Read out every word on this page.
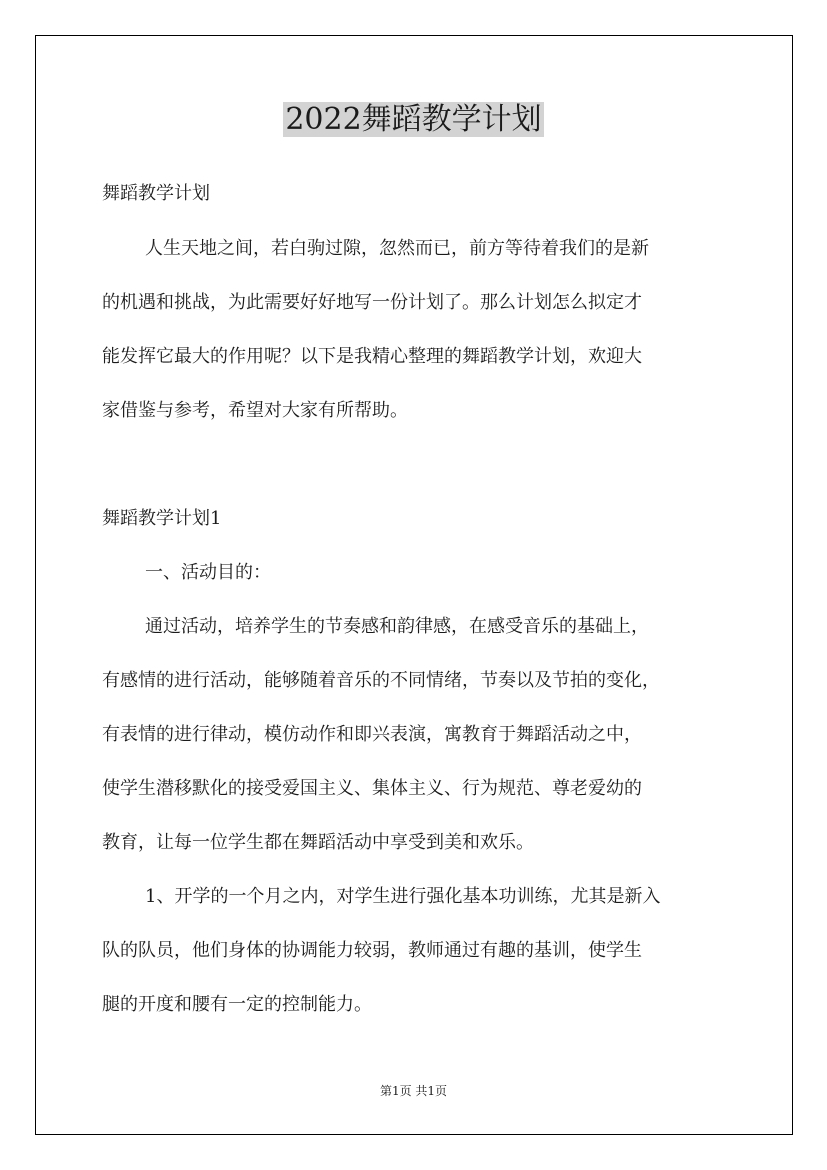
2022舞蹈教学计划
舞蹈教学计划
人生天地之间，若白驹过隙，忽然而已，前方等待着我们的是新
的机遇和挑战，为此需要好好地写一份计划了。那么计划怎么拟定才
能发挥它最大的作用呢？以下是我精心整理的舞蹈教学计划，欢迎大
家借鉴与参考，希望对大家有所帮助。
舞蹈教学计划1
一、活动目的：
通过活动，培养学生的节奏感和韵律感，在感受音乐的基础上，
有感情的进行活动，能够随着音乐的不同情绪，节奏以及节拍的变化，
有表情的进行律动，模仿动作和即兴表演，寓教育于舞蹈活动之中，
使学生潜移默化的接受爱国主义、集体主义、行为规范、尊老爱幼的
教育，让每一位学生都在舞蹈活动中享受到美和欢乐。
1、开学的一个月之内，对学生进行强化基本功训练，尤其是新入
队的队员，他们身体的协调能力较弱，教师通过有趣的基训，使学生
腿的开度和腰有一定的控制能力。
第1页 共1页
